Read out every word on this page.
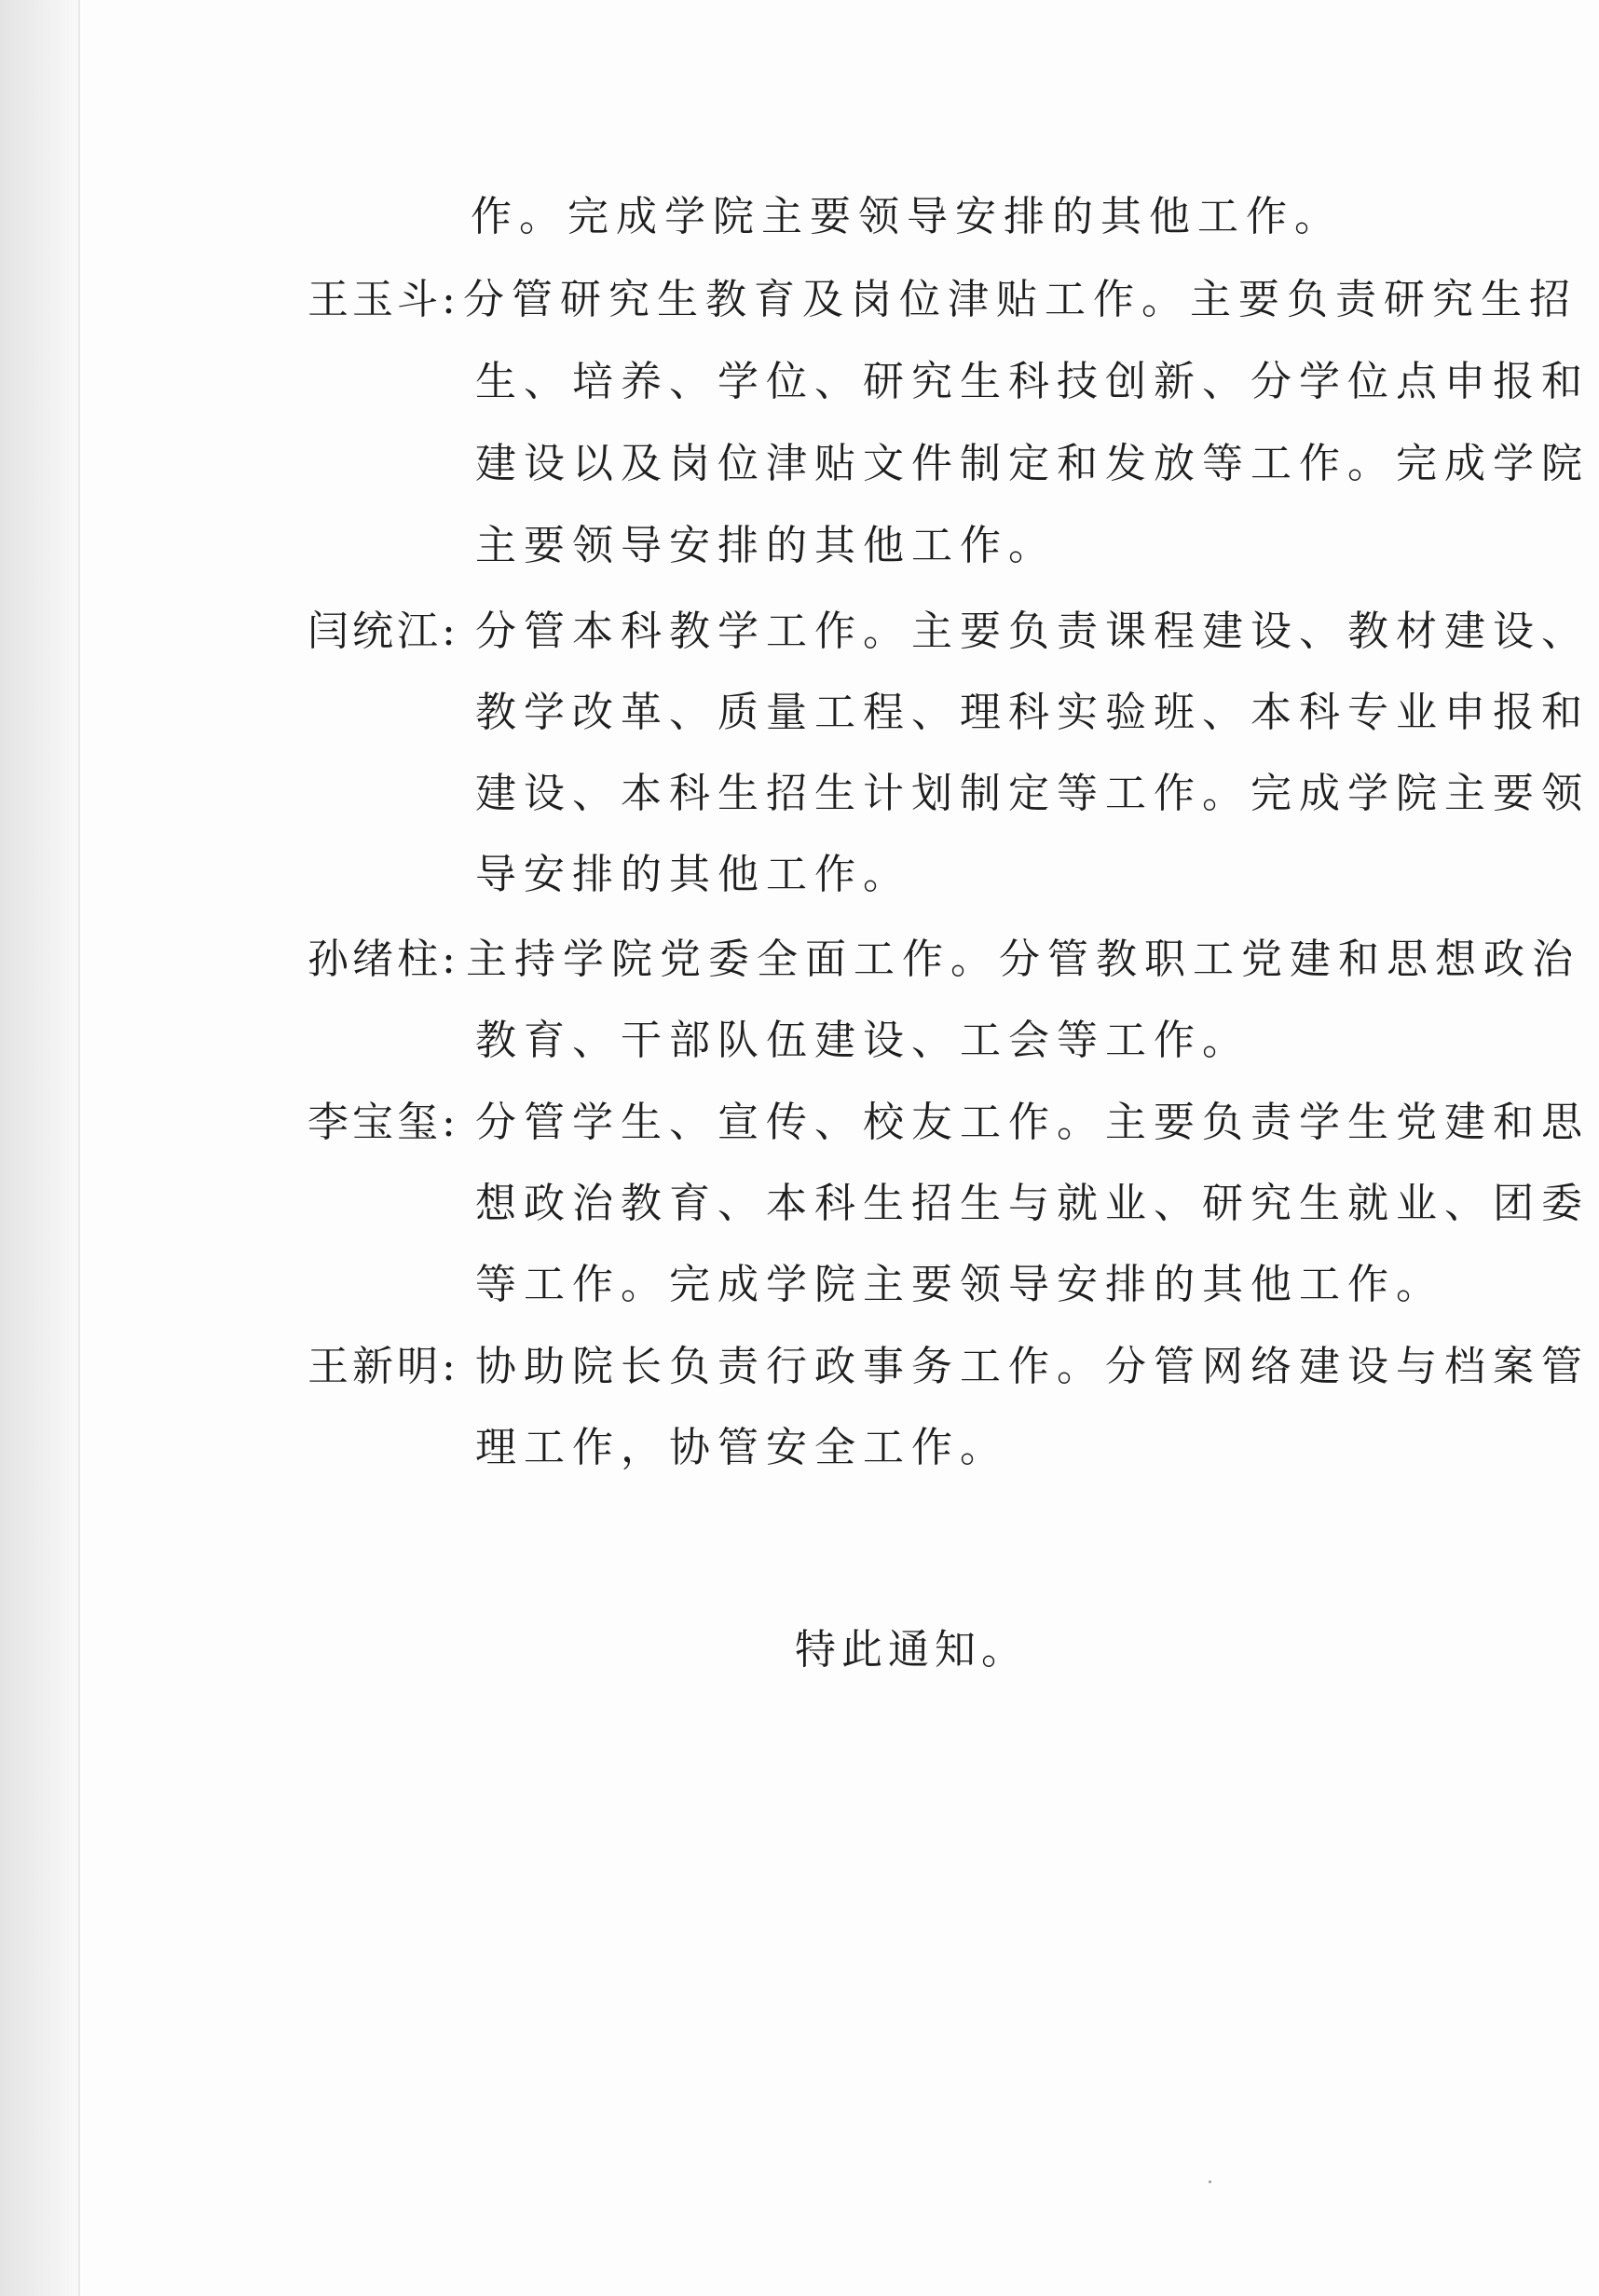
作。完成学院主要领导安排的其他工作。

王玉斗: 分管研究生教育及岗位津贴工作。主要负责研究生招

生、培养、学位、研究生科技创新、分学位点申报和

建设以及岗位津贴文件制定和发放等工作。完成学院

主要领导安排的其他工作。

闫统江: 分管本科教学工作。主要负责课程建设、教材建设、

教学改革、质量工程、理科实验班、本科专业申报和

建设、本科生招生计划制定等工作。完成学院主要领

导安排的其他工作。

孙绪柱: 主持学院党委全面工作。分管教职工党建和思想政治

教育、干部队伍建设、工会等工作。

李宝玺: 分管学生、宣传、校友工作。主要负责学生党建和思

想政治教育、本科生招生与就业、研究生就业、团委

等工作。完成学院主要领导安排的其他工作。

王新明: 协助院长负责行政事务工作。分管网络建设与档案管

理工作，协管安全工作。

特此通知。
